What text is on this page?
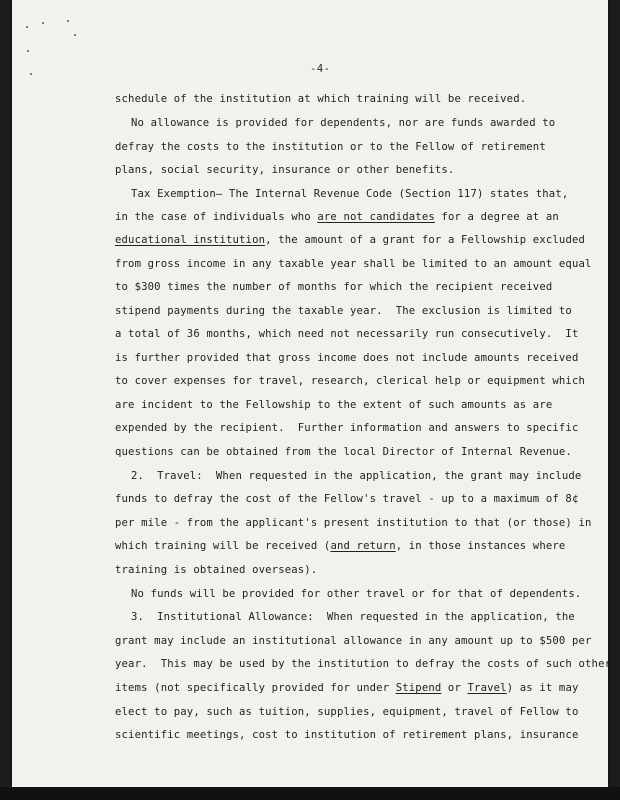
-4-
schedule of the institution at which training will be received.
No allowance is provided for dependents, nor are funds awarded to
defray the costs to the institution or to the Fellow of retirement
plans, social security, insurance or other benefits.
Tax Exemption— The Internal Revenue Code (Section 117) states that,
in the case of individuals who are not candidates for a degree at an
educational institution, the amount of a grant for a Fellowship excluded
from gross income in any taxable year shall be limited to an amount equal
to $300 times the number of months for which the recipient received
stipend payments during the taxable year.  The exclusion is limited to
a total of 36 months, which need not necessarily run consecutively.  It
is further provided that gross income does not include amounts received
to cover expenses for travel, research, clerical help or equipment which
are incident to the Fellowship to the extent of such amounts as are
expended by the recipient.  Further information and answers to specific
questions can be obtained from the local Director of Internal Revenue.
2.  Travel:  When requested in the application, the grant may include
funds to defray the cost of the Fellow's travel - up to a maximum of 8¢
per mile - from the applicant's present institution to that (or those) in
which training will be received (and return, in those instances where
training is obtained overseas).
No funds will be provided for other travel or for that of dependents.
3.  Institutional Allowance:  When requested in the application, the
grant may include an institutional allowance in any amount up to $500 per
year.  This may be used by the institution to defray the costs of such other
items (not specifically provided for under Stipend or Travel) as it may
elect to pay, such as tuition, supplies, equipment, travel of Fellow to
scientific meetings, cost to institution of retirement plans, insurance
